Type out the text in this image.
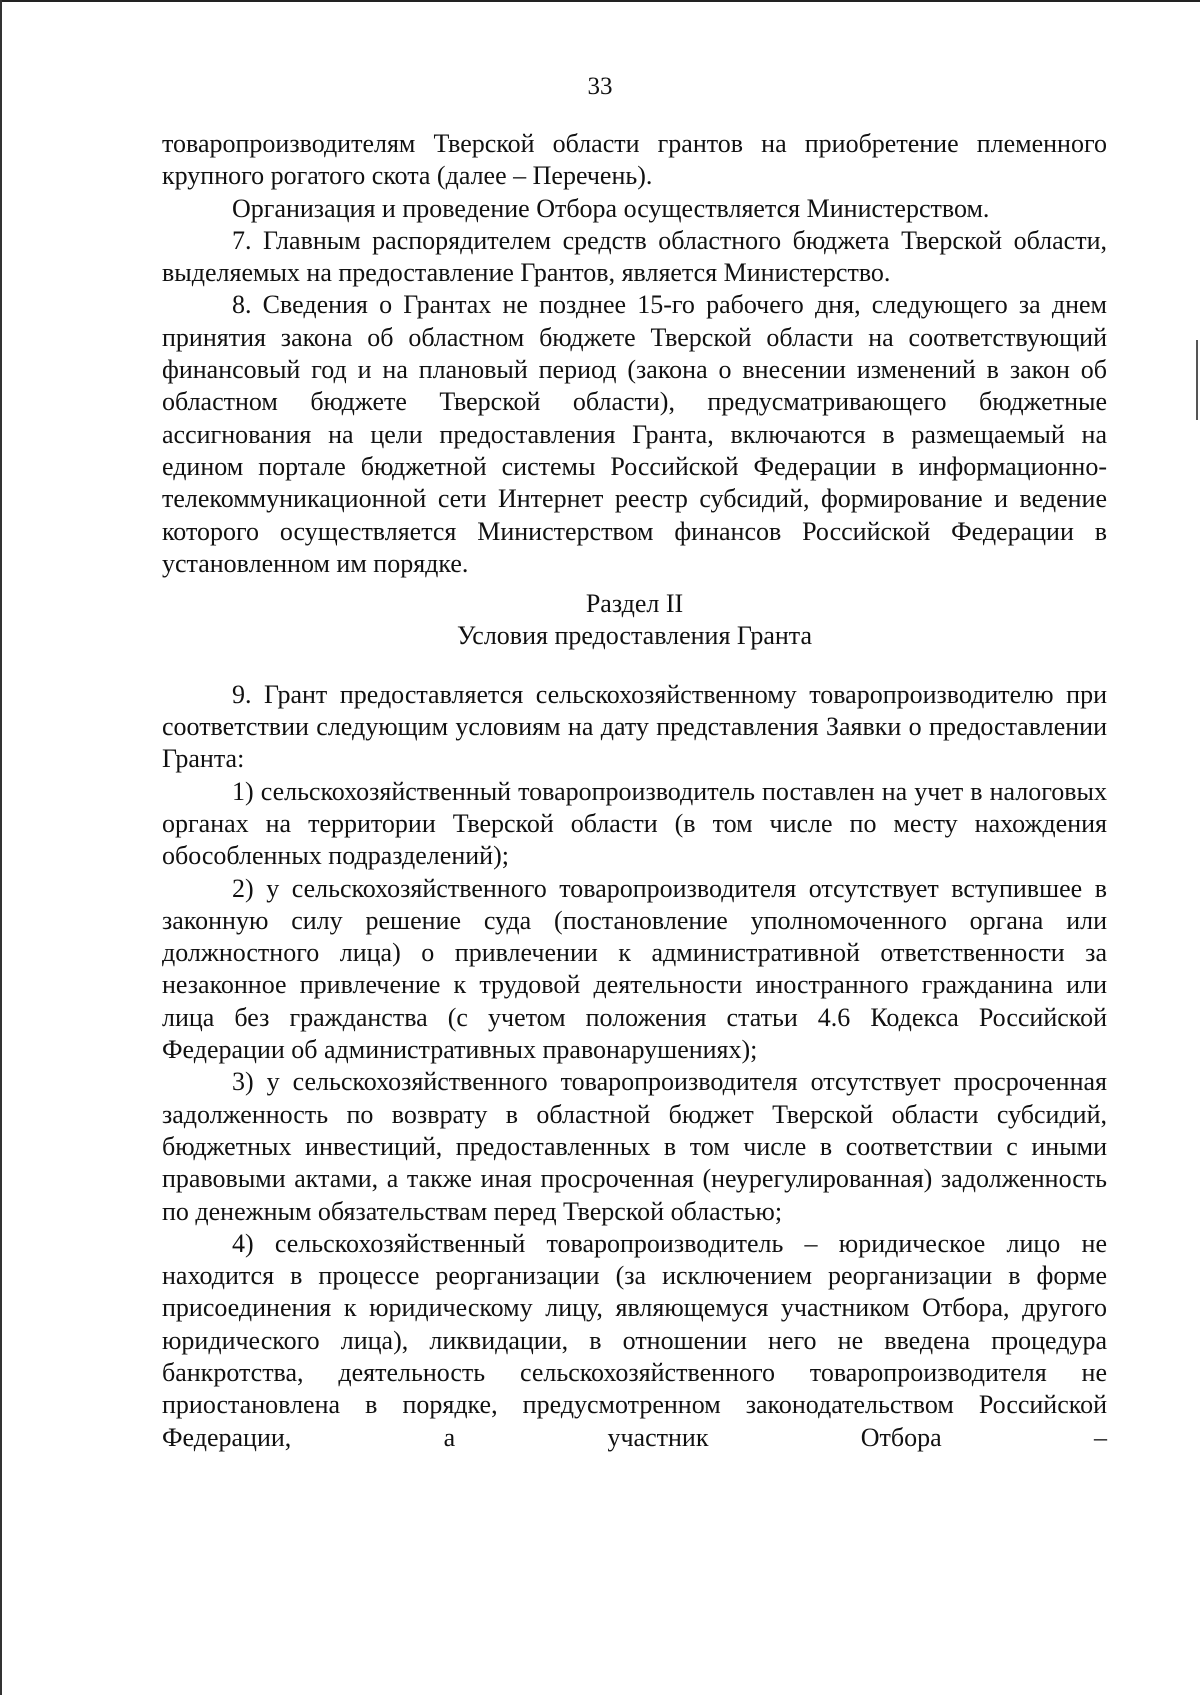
33

товаропроизводителям Тверской области грантов на приобретение племенного крупного рогатого скота (далее – Перечень).

Организация и проведение Отбора осуществляется Министерством.

7. Главным распорядителем средств областного бюджета Тверской области, выделяемых на предоставление Грантов, является Министерство.

8. Сведения о Грантах не позднее 15-го рабочего дня, следующего за днем принятия закона об областном бюджете Тверской области на соответствующий финансовый год и на плановый период (закона о внесении изменений в закон об областном бюджете Тверской области), предусматривающего бюджетные ассигнования на цели предоставления Гранта, включаются в размещаемый на едином портале бюджетной системы Российской Федерации в информационно-телекоммуникационной сети Интернет реестр субсидий, формирование и ведение которого осуществляется Министерством финансов Российской Федерации в установленном им порядке.

Раздел II

Условия предоставления Гранта

9. Грант предоставляется сельскохозяйственному товаропроизводителю при соответствии следующим условиям на дату представления Заявки о предоставлении Гранта:

1) сельскохозяйственный товаропроизводитель поставлен на учет в налоговых органах на территории Тверской области (в том числе по месту нахождения обособленных подразделений);

2) у сельскохозяйственного товаропроизводителя отсутствует вступившее в законную силу решение суда (постановление уполномоченного органа или должностного лица) о привлечении к административной ответственности за незаконное привлечение к трудовой деятельности иностранного гражданина или лица без гражданства (с учетом положения статьи 4.6 Кодекса Российской Федерации об административных правонарушениях);

3) у сельскохозяйственного товаропроизводителя отсутствует просроченная задолженность по возврату в областной бюджет Тверской области субсидий, бюджетных инвестиций, предоставленных в том числе в соответствии с иными правовыми актами, а также иная просроченная (неурегулированная) задолженность по денежным обязательствам перед Тверской областью;

4) сельскохозяйственный товаропроизводитель – юридическое лицо не находится в процессе реорганизации (за исключением реорганизации в форме присоединения к юридическому лицу, являющемуся участником Отбора, другого юридического лица), ликвидации, в отношении него не введена процедура банкротства, деятельность сельскохозяйственного товаропроизводителя не приостановлена в порядке, предусмотренном законодательством Российской Федерации, а участник Отбора –
